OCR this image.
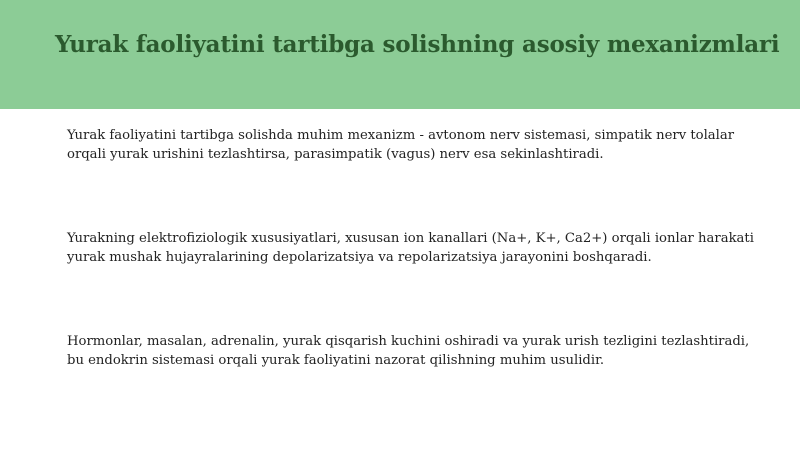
Yurak faoliyatini tartibga solishning asosiy mexanizmlari

Yurak faoliyatini tartibga solishda muhim mexanizm - avtonom nerv sistemasi, simpatik nerv tolalar orqali yurak urishini tezlashtirsa, parasimpatik (vagus) nerv esa sekinlashtiradi.

Yurakning elektrofiziologik xususiyatlari, xususan ion kanallari (Na+, K+, Ca2+) orqali ionlar harakati yurak mushak hujayralarining depolarizatsiya va repolarizatsiya jarayonini boshqaradi.

Hormonlar, masalan, adrenalin, yurak qisqarish kuchini oshiradi va yurak urish tezligini tezlashtiradi, bu endokrin sistemasi orqali yurak faoliyatini nazorat qilishning muhim usulidir.
